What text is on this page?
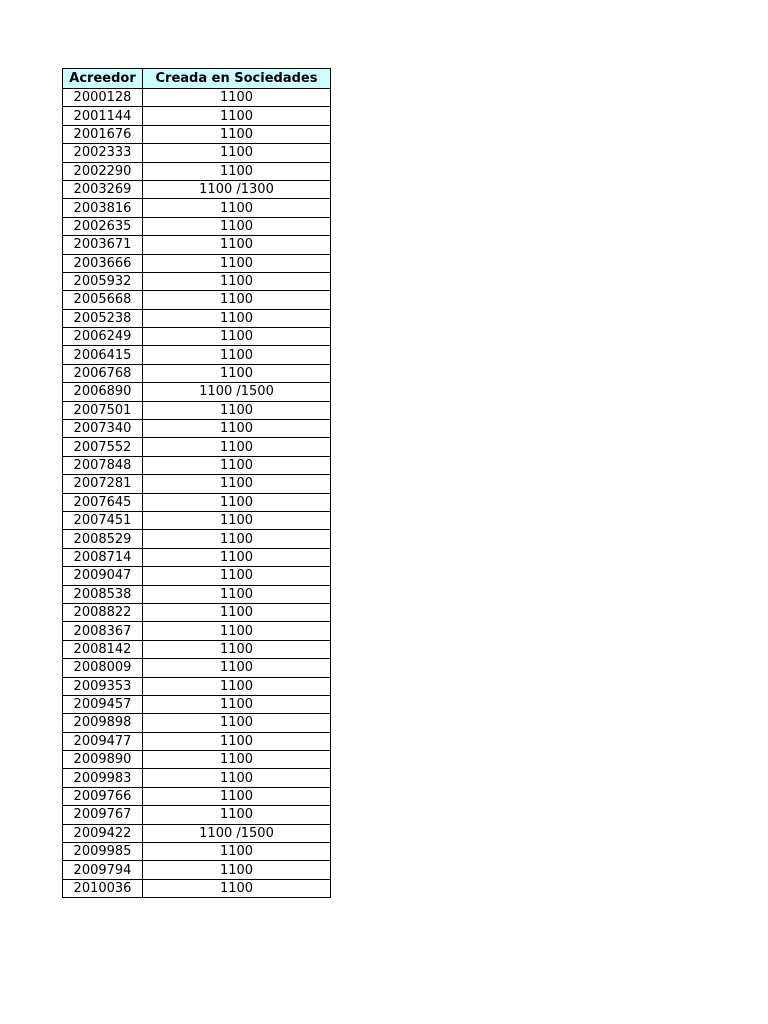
Acreedor	Creada en Sociedades
2000128	1100
2001144	1100
2001676	1100
2002333	1100
2002290	1100
2003269	1100 /1300
2003816	1100
2002635	1100
2003671	1100
2003666	1100
2005932	1100
2005668	1100
2005238	1100
2006249	1100
2006415	1100
2006768	1100
2006890	1100 /1500
2007501	1100
2007340	1100
2007552	1100
2007848	1100
2007281	1100
2007645	1100
2007451	1100
2008529	1100
2008714	1100
2009047	1100
2008538	1100
2008822	1100
2008367	1100
2008142	1100
2008009	1100
2009353	1100
2009457	1100
2009898	1100
2009477	1100
2009890	1100
2009983	1100
2009766	1100
2009767	1100
2009422	1100 /1500
2009985	1100
2009794	1100
2010036	1100
